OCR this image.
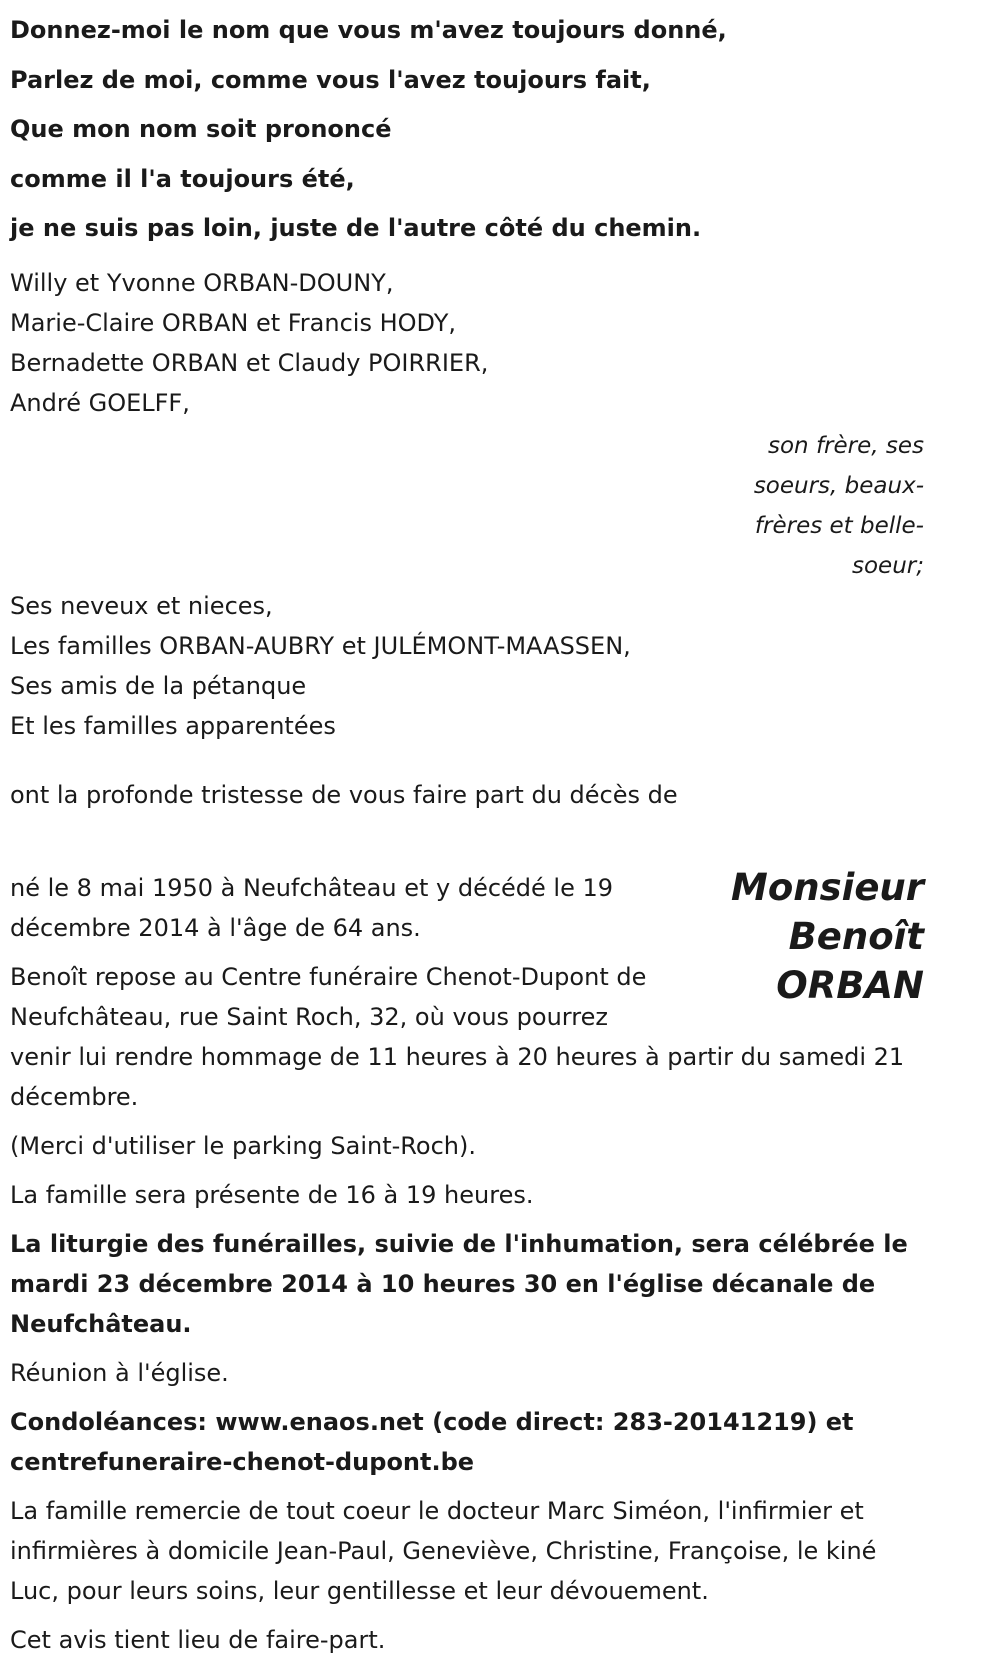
Donnez-moi le nom que vous m'avez toujours donné,

Parlez de moi, comme vous l'avez toujours fait,

Que mon nom soit prononcé

comme il l'a toujours été,

je ne suis pas loin, juste de l'autre côté du chemin.

Willy et Yvonne ORBAN-DOUNY,

Marie-Claire ORBAN et Francis HODY,

Bernadette ORBAN et Claudy POIRRIER,

André GOELFF,

son frère, ses
soeurs, beaux-
frères et belle-
soeur;

Ses neveux et nieces,

Les familles ORBAN-AUBRY et JULÉMONT-MAASSEN,

Ses amis de la pétanque

Et les familles apparentées

ont la profonde tristesse de vous faire part du décès de

Monsieur
Benoît
ORBAN

né le 8 mai 1950 à Neufchâteau et y décédé le 19
décembre 2014 à l'âge de 64 ans.

Benoît repose au Centre funéraire Chenot-Dupont de
Neufchâteau, rue Saint Roch, 32, où vous pourrez
venir lui rendre hommage de 11 heures à 20 heures à partir du samedi 21
décembre.

(Merci d'utiliser le parking Saint-Roch).

La famille sera présente de 16 à 19 heures.

La liturgie des funérailles, suivie de l'inhumation, sera célébrée le
mardi 23 décembre 2014 à 10 heures 30 en l'église décanale de
Neufchâteau.

Réunion à l'église.

Condoléances: www.enaos.net (code direct: 283-20141219) et
centrefuneraire-chenot-dupont.be

La famille remercie de tout coeur le docteur Marc Siméon, l'infirmier et
infirmières à domicile Jean-Paul, Geneviève, Christine, Françoise, le kiné
Luc, pour leurs soins, leur gentillesse et leur dévouement.

Cet avis tient lieu de faire-part.
